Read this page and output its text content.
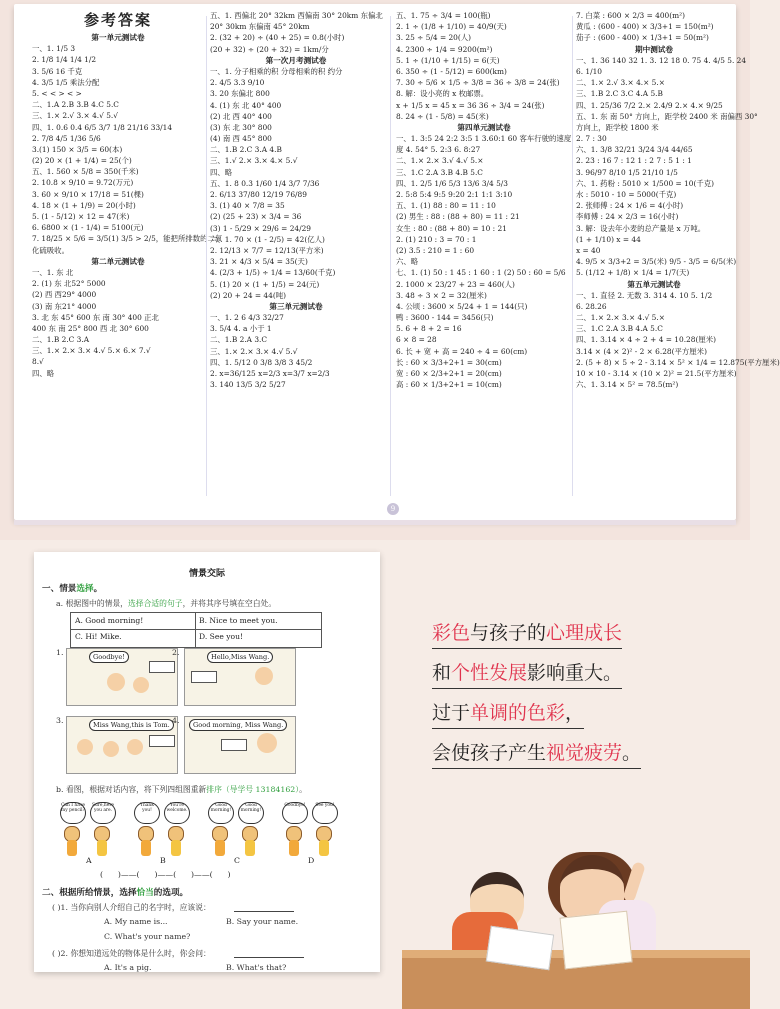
参考答案
第一单元测试卷
一、1. 1/5 3
2. 1/8 1/4 1/4 1/2
3. 5/6 16 千克
4. 3/5 1/5 乘法分配
5. < < > < >
二、1.A 2.B 3.B 4.C 5.C
三、1.× 2.√ 3.× 4.√ 5.√
四、1. 0.6 0.4 6/5 3/7 1/8 21/16 33/14
2. 7/8 4/5 1/36 5/6
3.(1) 150 × 3/5 = 60(本)
(2) 20 × (1 + 1/4) = 25(个)
五、1. 560 × 5/8 = 350(千米)
2. 10.8 × 9/10 = 9.72(万元)
3. 60 × 9/10 × 17/18 = 51(棵)
4. 18 × (1 + 1/9) = 20(小时)
5. (1 - 5/12) × 12 = 47(米)
6. 6800 × (1 - 1/4) = 5100(元)
7. 18/25 × 5/6 = 3/5(1) 3/5 > 2/5，能把所排数的二氧
化硫吸收。
第二单元测试卷
一、1. 东 北
2. (1) 东 北52° 5000
(2) 西 西29° 4000
(3) 南 东21° 4000
3. 北 东 45° 600 东 南 30° 400 正北
400 东 南 25° 800 西 北 30° 600
二、1.B 2.C 3.A
三、1.× 2.× 3.× 4.√ 5.× 6.× 7.√
8.√
四、略
五、1. 西偏北 20° 32km 西偏南 30° 20km 东偏北
20° 30km 东偏南 45° 20km
2. (32 + 20) ÷ (40 + 25) = 0.8(小时)
(20 + 32) ÷ (20 + 32) = 1km/分
第一次月考测试卷
一、1. 分子相乘的积 分母相乘的积 约分
2. 4/5 3.3 9/10
3. 20 东偏北 800
4. (1) 东 北 40° 400
(2) 北 西 40° 400
(3) 东 北 30° 800
(4) 南 西 45° 800
二、1.B 2.C 3.A 4.B
三、1.√ 2.× 3.× 4.× 5.√
四、略
五、1. 8 0.3 1/60 1/4 3/7 7/36
2. 6/13 37/80 12/19 76/89
3. (1) 40 × 7/8 = 35
(2) (25 + 23) × 3/4 = 36
(3) 1 - 5/29 × 29/6 = 24/29
六、1. 70 × (1 - 2/5) = 42(亿人)
2. 12/13 × 7/7 = 12/13(平方米)
3. 21 × 4/3 × 5/4 = 35(天)
4. (2/3 + 1/5) ÷ 1/4 = 13/60(千克)
5. (1) 20 × (1 + 1/5) = 24(元)
(2) 20 + 24 = 44(吨)
第三单元测试卷
一、1. 2 6 4/3 32/27
3. 5/4 4. a 小于 1
二、1.B 2.A 3.C
三、1.× 2.× 3.× 4.√ 5.√
四、1. 5/12 0 3/8 3/8 3 45/2
2. x=36/125 x=2/3 x=3/7 x=2/3
3. 140 13/5 3/2 5/27
五、1. 75 ÷ 3/4 = 100(瓶)
2. 1 ÷ (1/8 + 1/10) = 40/9(天)
3. 25 ÷ 5/4 = 20(人)
4. 2300 ÷ 1/4 = 9200(m²)
5. 1 ÷ (1/10 + 1/15) = 6(天)
6. 350 ÷ (1 - 5/12) = 600(km)
7. 30 ÷ 5/6 × 1/5 ÷ 3/8 = 36 ÷ 3/8 = 24(张)
8. 解：设小亮的 x 枚邮票。
x + 1/5 x = 45 x = 36 36 ÷ 3/4 = 24(张)
8. 24 ÷ (1 - 5/8) = 45(米)
第四单元测试卷
一、1. 3:5 24 2:2 3:5 1 3.60:1 60 客车行驶的速度
度 4. 54° 5. 2:3 6. 8:27
二、1.× 2.× 3.√ 4.√ 5.×
三、1.C 2.A 3.B 4.B 5.C
四、1. 2/5 1/6 5/3 13/6 3/4 5/3
2. 5:8 5:4 9:5 9:20 2:1 1:1 3:10
五、1. (1) 88 : 80 = 11 : 10
(2) 男生 : 88 : (88 + 80) = 11 : 21
女生 : 80 : (88 + 80) = 10 : 21
2. (1) 210 : 3 = 70 : 1
(2) 3.5 : 210 = 1 : 60
六、略
七、1. (1) 50 : 1 45 : 1 60 : 1 (2) 50 : 60 = 5/6
2. 1000 × 23/27 + 23 = 460(人)
3. 48 ÷ 3 × 2 = 32(厘米)
4. 公顷 : 3600 × 5/24 + 1 = 144(只)
鸭 : 3600 - 144 = 3456(只)
5. 6 + 8 + 2 = 16
6 × 8 = 28
6. 长 + 宽 + 高 = 240 ÷ 4 = 60(cm)
长 : 60 × 3/3+2+1 = 30(cm)
宽 : 60 × 2/3+2+1 = 20(cm)
高 : 60 × 1/3+2+1 = 10(cm)
7. 白菜 : 600 × 2/3 = 400(m²)
黄瓜 : (600 - 400) × 3/3+1 = 150(m²)
茄子 : (600 - 400) × 1/3+1 = 50(m²)
期中测试卷
一、1. 36 140 32 1. 3. 12 18 0. 75 4. 4/5 5. 24
6. 1/10
二、1.× 2.√ 3.× 4.× 5.×
三、1.B 2.C 3.C 4.A 5.B
四、1. 25/36 7/2 2.× 2.4/9 2.× 4.× 9/25
五、1. 东 南 50° 方向上，距学校 2400 米 南偏西 30°
方向上，距学校 1800 米
2. 7 : 30
六、1. 3/8 32/21 3/24 3/4 44/65
2. 23 : 16 7 : 12 1 : 2 7 : 5 1 : 1
3. 96/97 8/10 1/5 21/10 1/5
六、1. 药粉 : 5010 × 1/500 = 10(千克)
水 : 5010 - 10 = 5000(千克)
2. 张师傅 : 24 × 1/6 = 4(小时)
李师傅 : 24 × 2/3 = 16(小时)
3. 解：设去年小麦的总产量是 x 万吨。
(1 + 1/10) x = 44
x = 40
4. 9/5 × 3/3+2 = 3/5(米) 9/5 - 3/5 = 6/5(米)
5. (1/12 + 1/8) × 1/4 = 1/7(天)
第五单元测试卷
一、1. 直径 2. 无数 3. 314 4. 10 5. 1/2
6. 28.26
二、1.× 2.× 3.× 4.√ 5.×
三、1.C 2.A 3.B 4.A 5.C
四、1. 3.14 × 4 ÷ 2 + 4 = 10.28(厘米)
3.14 × (4 × 2)² - 2 × 6.28(平方厘米)
2. (5 + 8) × 5 ÷ 2 - 3.14 × 5² × 1/4 = 12.875(平方厘米)
10 × 10 - 3.14 × (10 × 2)² = 21.5(平方厘米)
六、1. 3.14 × 5² = 78.5(m²)
9
情景交际
一、情景选择。
a. 根据图中的情景，选择合适的句子，并将其序号填在空白处。
A. Good morning!	B. Nice to meet you.
C. Hi! Mike.	D. See you!
Goodbye!
1.	Hello,Miss Wang.
2.
Miss Wang,this is Tom.
3.	Good morning, Miss Wang.
4.
b. 看图，根据对话内容，将下列四组图重新排序（导学号 13184162）。
Can I have my pencil?
Sure,here you are.
Thank you!
You're welcome.
Good morning!
Good morning!
Goodbye!	See you!
A	B	C	D
(      )——(      )——(      )——(      )
二、根据所给情景，选择恰当的选项。
( )1. 当你向别人介绍自己的名字时，应该说：
A. My name is...	B. Say your name.
C. What's your name?
( )2. 你想知道远处的物体是什么时，你会问：
A. It's a pig.	B. What's that?
彩色与孩子的心理成长
和个性发展影响重大。
过于单调的色彩，
会使孩子产生视觉疲劳。
